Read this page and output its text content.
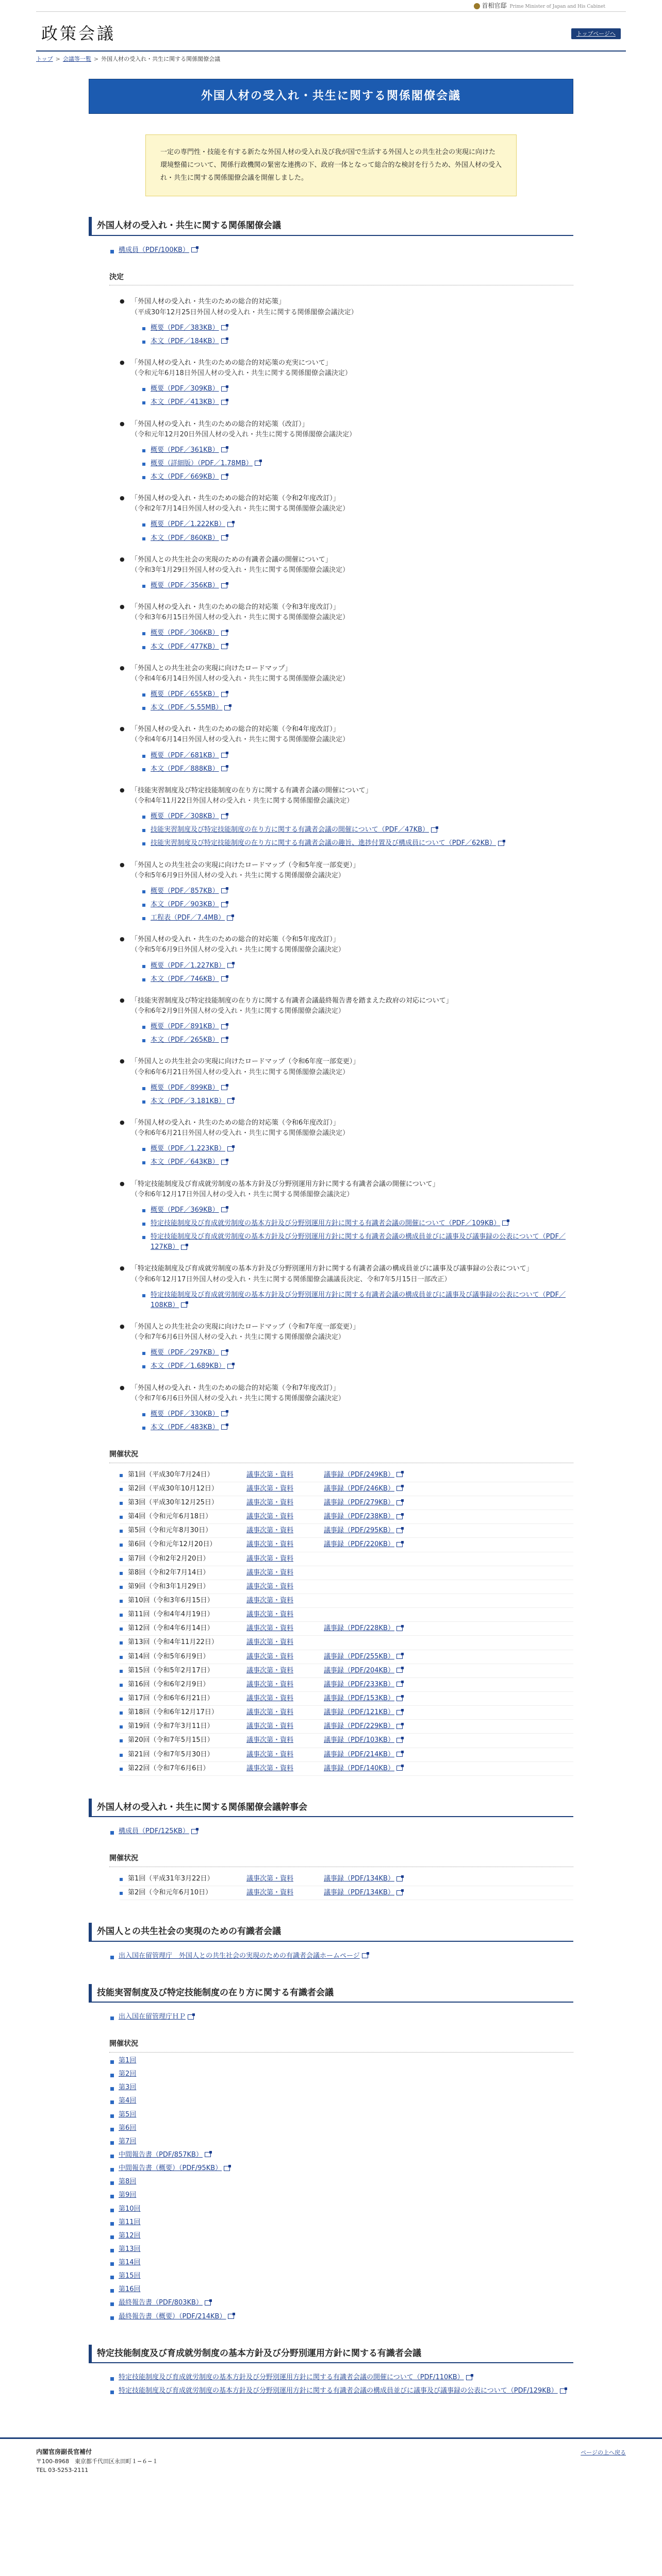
首相官邸 Prime Minister of Japan and His Cabinet
政策会議	トップページへ
トップ > 会議等一覧 > 外国人材の受入れ・共生に関する関係閣僚会議
外国人材の受入れ・共生に関する関係閣僚会議
一定の専門性・技能を有する新たな外国人材の受入れ及び我が国で生活する外国人との共生社会の実現に向けた環境整備について、関係行政機関の緊密な連携の下、政府一体となって総合的な検討を行うため、外国人材の受入れ・共生に関する関係閣僚会議を開催しました。
外国人材の受入れ・共生に関する関係閣僚会議
構成員（PDF/100KB）
決定
● 「外国人材の受入れ・共生のための総合的対応策」
（平成30年12月25日外国人材の受入れ・共生に関する関係閣僚会議決定）
概要（PDF／383KB）
本文（PDF／184KB）
● 「外国人材の受入れ・共生のための総合的対応策の充実について」
（令和元年6月18日外国人材の受入れ・共生に関する関係閣僚会議決定）
概要（PDF／309KB）
本文（PDF／413KB）
● 「外国人材の受入れ・共生のための総合的対応策（改訂）」
（令和元年12月20日外国人材の受入れ・共生に関する関係閣僚会議決定）
概要（PDF／361KB）
概要（詳細版）（PDF／1.78MB）
本文（PDF／669KB）
● 「外国人材の受入れ・共生のための総合的対応策（令和2年度改訂）」
（令和2年7月14日外国人材の受入れ・共生に関する関係閣僚会議決定）
概要（PDF／1.222KB）
本文（PDF／860KB）
● 「外国人との共生社会の実現のための有識者会議の開催について」
（令和3年1月29日外国人材の受入れ・共生に関する関係閣僚会議決定）
概要（PDF／356KB）
● 「外国人材の受入れ・共生のための総合的対応策（令和3年度改訂）」
（令和3年6月15日外国人材の受入れ・共生に関する関係閣僚会議決定）
概要（PDF／306KB）
本文（PDF／477KB）
● 「外国人との共生社会の実現に向けたロードマップ」
（令和4年6月14日外国人材の受入れ・共生に関する関係閣僚会議決定）
概要（PDF／655KB）
本文（PDF／5.55MB）
● 「外国人材の受入れ・共生のための総合的対応策（令和4年度改訂）」
（令和4年6月14日外国人材の受入れ・共生に関する関係閣僚会議決定）
概要（PDF／681KB）
本文（PDF／888KB）
● 「技能実習制度及び特定技能制度の在り方に関する有識者会議の開催について」
（令和4年11月22日外国人材の受入れ・共生に関する関係閣僚会議決定）
概要（PDF／308KB）
技能実習制度及び特定技能制度の在り方に関する有識者会議の開催について（PDF／47KB）
技能実習制度及び特定技能制度の在り方に関する有識者会議の趣旨、進捗付置及び構成員について（PDF／62KB）
● 「外国人との共生社会の実現に向けたロードマップ（令和5年度一部変更）」
（令和5年6月9日外国人材の受入れ・共生に関する関係閣僚会議決定）
概要（PDF／857KB）
本文（PDF／903KB）
工程表（PDF／7.4MB）
● 「外国人材の受入れ・共生のための総合的対応策（令和5年度改訂）」
（令和5年6月9日外国人材の受入れ・共生に関する関係閣僚会議決定）
概要（PDF／1.227KB）
本文（PDF／746KB）
● 「技能実習制度及び特定技能制度の在り方に関する有識者会議最終報告書を踏まえた政府の対応について」
（令和6年2月9日外国人材の受入れ・共生に関する関係閣僚会議決定）
概要（PDF／891KB）
本文（PDF／265KB）
● 「外国人との共生社会の実現に向けたロードマップ（令和6年度一部変更）」
（令和6年6月21日外国人材の受入れ・共生に関する関係閣僚会議決定）
概要（PDF／899KB）
本文（PDF／3.181KB）
● 「外国人材の受入れ・共生のための総合的対応策（令和6年度改訂）」
（令和6年6月21日外国人材の受入れ・共生に関する関係閣僚会議決定）
概要（PDF／1.223KB）
本文（PDF／643KB）
● 「特定技能制度及び育成就労制度の基本方針及び分野別運用方針に関する有識者会議の開催について」
（令和6年12月17日外国人材の受入れ・共生に関する関係閣僚会議決定）
概要（PDF／369KB）
特定技能制度及び育成就労制度の基本方針及び分野別運用方針に関する有識者会議の開催について（PDF／109KB）
特定技能制度及び育成就労制度の基本方針及び分野別運用方針に関する有識者会議の構成員並びに議事及び議事録の公表について（PDF／127KB）
● 「特定技能制度及び育成就労制度の基本方針及び分野別運用方針に関する有識者会議の構成員並びに議事及び議事録の公表について」
（令和6年12月17日外国人材の受入れ・共生に関する関係閣僚会議議長決定、令和7年5月15日一部改正）
特定技能制度及び育成就労制度の基本方針及び分野別運用方針に関する有識者会議の構成員並びに議事及び議事録の公表について（PDF／108KB）
● 「外国人との共生社会の実現に向けたロードマップ（令和7年度一部変更）」
（令和7年6月6日外国人材の受入れ・共生に関する関係閣僚会議決定）
概要（PDF／297KB）
本文（PDF／1.689KB）
● 「外国人材の受入れ・共生のための総合的対応策（令和7年度改訂）」
（令和7年6月6日外国人材の受入れ・共生に関する関係閣僚会議決定）
概要（PDF／330KB）
本文（PDF／483KB）
開催状況
第1回（平成30年7月24日）	議事次第・資料	議事録（PDF/249KB）
第2回（平成30年10月12日）	議事次第・資料	議事録（PDF/246KB）
第3回（平成30年12月25日）	議事次第・資料	議事録（PDF/279KB）
第4回（令和元年6月18日）	議事次第・資料	議事録（PDF/238KB）
第5回（令和元年8月30日）	議事次第・資料	議事録（PDF/295KB）
第6回（令和元年12月20日）	議事次第・資料	議事録（PDF/220KB）
第7回（令和2年2月20日）	議事次第・資料
第8回（令和2年7月14日）	議事次第・資料
第9回（令和3年1月29日）	議事次第・資料
第10回（令和3年6月15日）	議事次第・資料
第11回（令和4年4月19日）	議事次第・資料
第12回（令和4年6月14日）	議事次第・資料	議事録（PDF/228KB）
第13回（令和4年11月22日）	議事次第・資料
第14回（令和5年6月9日）	議事次第・資料	議事録（PDF/255KB）
第15回（令和5年2月17日）	議事次第・資料	議事録（PDF/204KB）
第16回（令和6年2月9日）	議事次第・資料	議事録（PDF/233KB）
第17回（令和6年6月21日）	議事次第・資料	議事録（PDF/153KB）
第18回（令和6年12月17日）	議事次第・資料	議事録（PDF/121KB）
第19回（令和7年3月11日）	議事次第・資料	議事録（PDF/229KB）
第20回（令和7年5月15日）	議事次第・資料	議事録（PDF/103KB）
第21回（令和7年5月30日）	議事次第・資料	議事録（PDF/214KB）
第22回（令和7年6月6日）	議事次第・資料	議事録（PDF/140KB）
外国人材の受入れ・共生に関する関係閣僚会議幹事会
構成員（PDF/125KB）
開催状況
第1回（平成31年3月22日）	議事次第・資料	議事録（PDF/134KB）
第2回（令和元年6月10日）	議事次第・資料	議事録（PDF/134KB）
外国人との共生社会の実現のための有識者会議
出入国在留管理庁　外国人との共生社会の実現のための有識者会議ホームページ
技能実習制度及び特定技能制度の在り方に関する有識者会議
出入国在留管理庁ＨＰ
開催状況
第1回
第2回
第3回
第4回
第5回
第6回
第7回
中間報告書（PDF/857KB）
中間報告書（概要）（PDF/95KB）
第8回
第9回
第10回
第11回
第12回
第13回
第14回
第15回
第16回
最終報告書（PDF/803KB）
最終報告書（概要）（PDF/214KB）
特定技能制度及び育成就労制度の基本方針及び分野別運用方針に関する有識者会議
特定技能制度及び育成就労制度の基本方針及び分野別運用方針に関する有識者会議の開催について（PDF/110KB）
特定技能制度及び育成就労制度の基本方針及び分野別運用方針に関する有識者会議の構成員並びに議事及び議事録の公表について（PDF/129KB）
内閣官房副長官補付
〒100-8968　東京都千代田区永田町１−６−１
TEL 03-5253-2111
ページの上へ戻る
